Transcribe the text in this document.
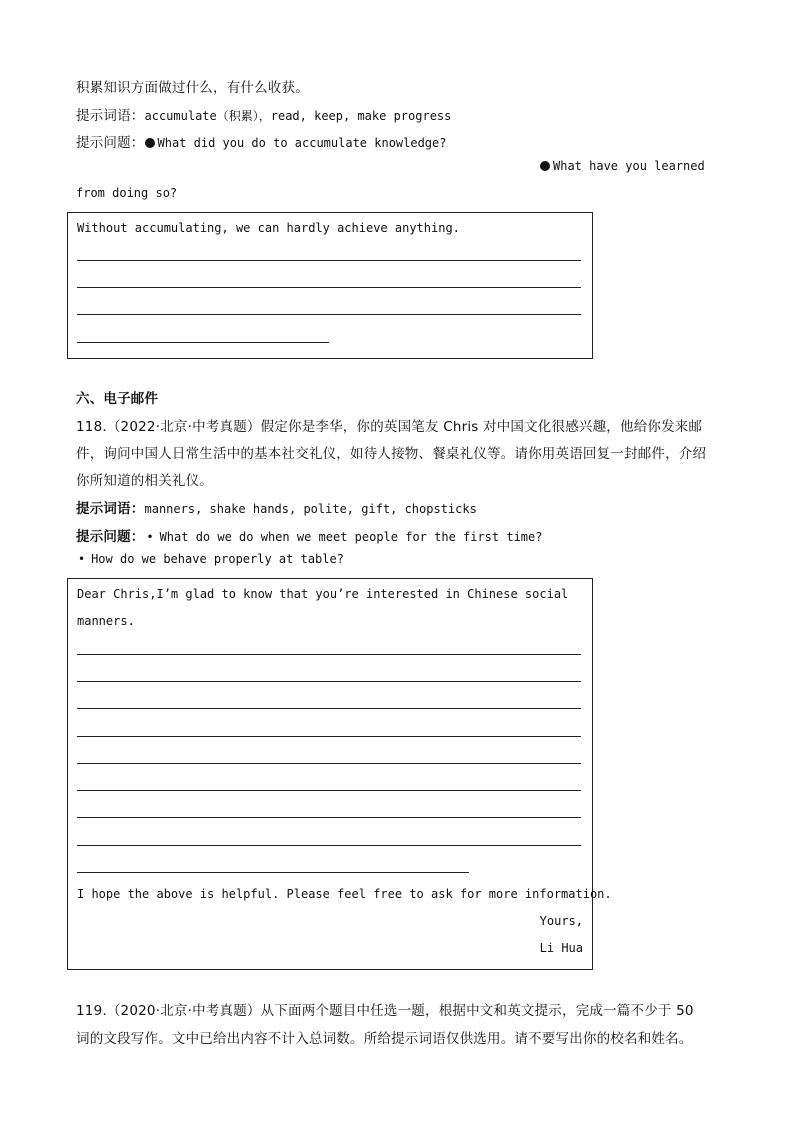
积累知识方面做过什么，有什么收获。
提示词语：accumulate（积累），read, keep, make progress
提示问题： What did you do to accumulate knowledge?
What have you learned
from doing so?
Without accumulating, we can hardly achieve anything.
六、电子邮件
118.（2022·北京·中考真题）假定你是李华，你的英国笔友 Chris 对中国文化很感兴趣，他给你发来邮
件，询问中国人日常生活中的基本社交礼仪，如待人接物、餐桌礼仪等。请你用英语回复一封邮件，介绍
你所知道的相关礼仪。
提示词语：manners, shake hands, polite, gift, chopsticks
提示问题： • What do we do when we meet people for the first time?
• How do we behave properly at table?
Dear Chris,I’m glad to know that you’re interested in Chinese social
manners.
I hope the above is helpful. Please feel free to ask for more information.
Yours,
Li Hua
119.（2020·北京·中考真题）从下面两个题目中任选一题，根据中文和英文提示，完成一篇不少于 50
词的文段写作。文中已给出内容不计入总词数。所给提示词语仅供选用。请不要写出你的校名和姓名。
